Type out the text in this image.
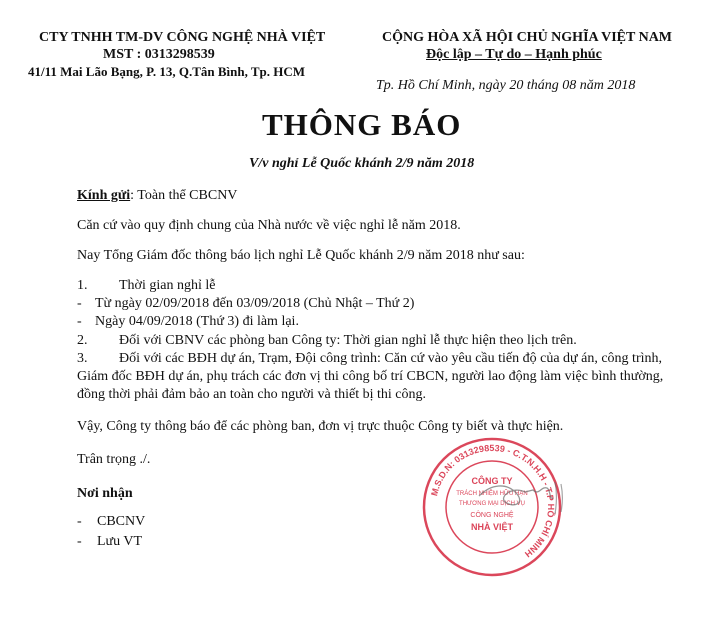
CTY TNHH TM-DV CÔNG NGHỆ NHÀ VIỆT
MST : 0313298539
41/11 Mai Lão Bạng, P. 13, Q.Tân Bình, Tp. HCM
CỘNG HÒA XÃ HỘI CHỦ NGHĨA VIỆT NAM
Độc lập – Tự do – Hạnh phúc
Tp. Hồ Chí Minh, ngày 20 tháng 08 năm 2018
THÔNG BÁO
V/v nghỉ Lễ Quốc khánh 2/9 năm 2018
Kính gửi: Toàn thể CBCNV
Căn cứ vào quy định chung của Nhà nước về việc nghỉ lễ năm 2018.
Nay Tổng Giám đốc thông báo lịch nghỉ Lễ Quốc khánh 2/9 năm 2018 như sau:
1. Thời gian nghỉ lễ
- Từ ngày 02/09/2018 đến 03/09/2018 (Chủ Nhật – Thứ 2)
- Ngày 04/09/2018 (Thứ 3) đi làm lại.
2. Đối với CBNV các phòng ban Công ty: Thời gian nghỉ lễ thực hiện theo lịch trên.
3. Đối với các BĐH dự án, Trạm, Đội công trình: Căn cứ vào yêu cầu tiến độ của dự án, công trình,
Giám đốc BĐH dự án, phụ trách các đơn vị thi công bố trí CBCN, người lao động làm việc bình thường,
đồng thời phải đảm bảo an toàn cho người và thiết bị thi công.
Vậy, Công ty thông báo để các phòng ban, đơn vị trực thuộc Công ty biết và thực hiện.
Trân trọng ./.
Nơi nhận
- CBCNV
- Lưu VT
M.S.D.N: 0313298539 - C.T.N.H.H - T.P HỒ CHÍ MINH
CÔNG TY
TRÁCH NHIỆM HỮU HẠN
THƯƠNG MẠI DỊCH VỤ
CÔNG NGHỆ
NHÀ VIỆT
